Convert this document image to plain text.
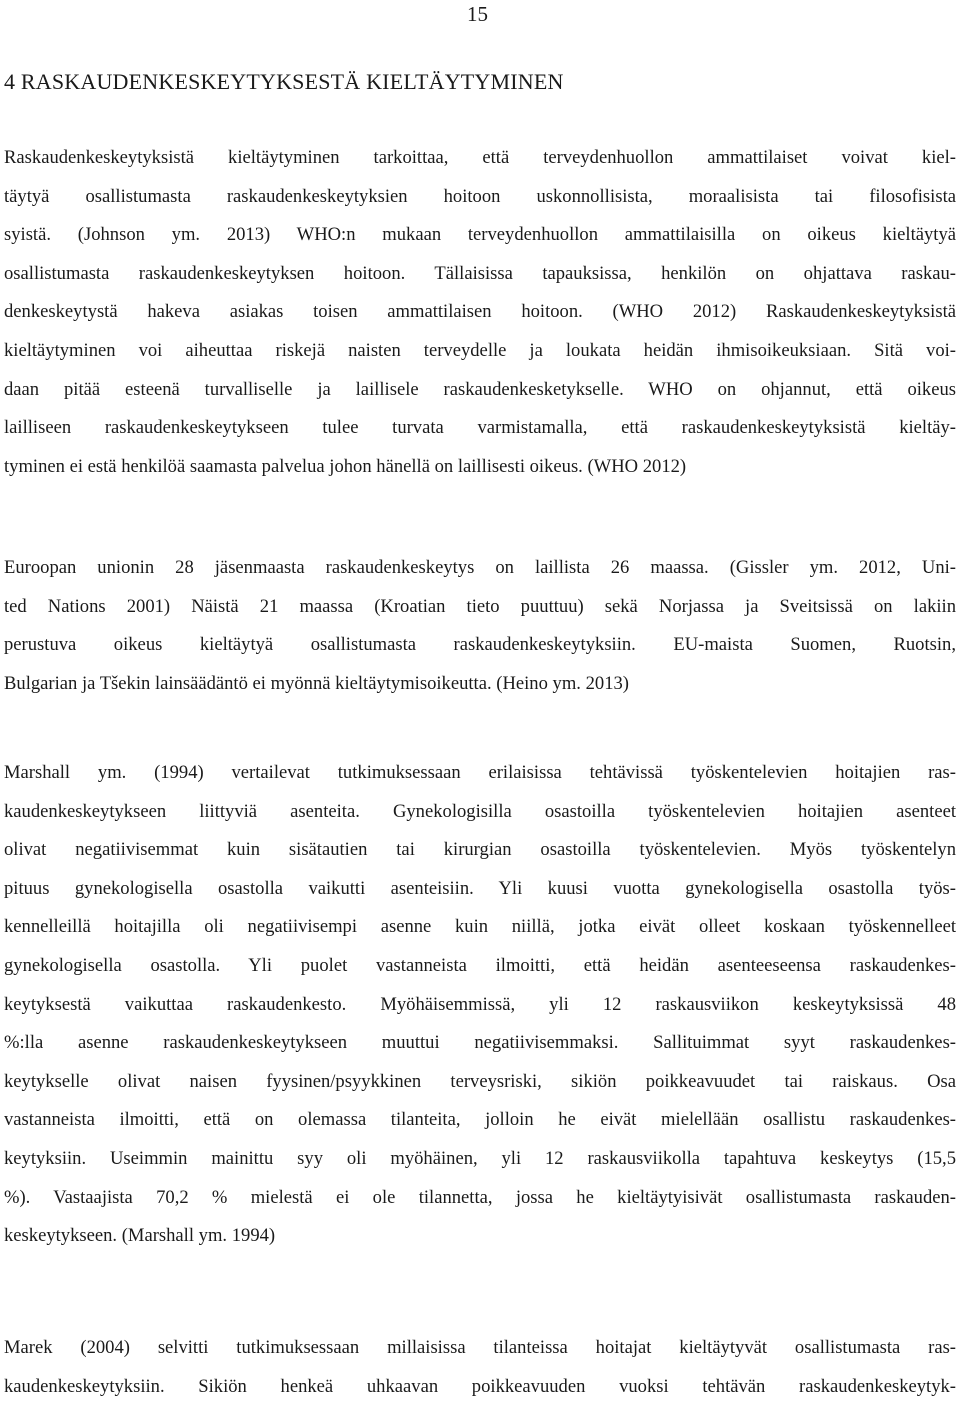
15
4 RASKAUDENKESKEYTYKSESTÄ KIELTÄYTYMINEN
Raskaudenkeskeytyksistä kieltäytyminen tarkoittaa, että terveydenhuollon ammattilaiset voivat kiel-
täytyä osallistumasta raskaudenkeskeytyksien hoitoon uskonnollisista, moraalisista tai filosofisista
syistä. (Johnson ym. 2013) WHO:n mukaan terveydenhuollon ammattilaisilla on oikeus kieltäytyä
osallistumasta raskaudenkeskeytyksen hoitoon. Tällaisissa tapauksissa, henkilön on ohjattava raskau-
denkeskeytystä hakeva asiakas toisen ammattilaisen hoitoon. (WHO 2012) Raskaudenkeskeytyksistä
kieltäytyminen voi aiheuttaa riskejä naisten terveydelle ja loukata heidän ihmisoikeuksiaan. Sitä voi-
daan pitää esteenä turvalliselle ja laillisele raskaudenkesketykselle. WHO on ohjannut, että oikeus
lailliseen raskaudenkeskeytykseen tulee turvata varmistamalla, että raskaudenkeskeytyksistä kieltäy-
tyminen ei estä henkilöä saamasta palvelua johon hänellä on laillisesti oikeus. (WHO 2012)
Euroopan unionin 28 jäsenmaasta raskaudenkeskeytys on laillista 26 maassa. (Gissler ym. 2012, Uni-
ted Nations 2001) Näistä 21 maassa (Kroatian tieto puuttuu) sekä Norjassa ja Sveitsissä on lakiin
perustuva oikeus kieltäytyä osallistumasta raskaudenkeskeytyksiin. EU-maista Suomen, Ruotsin,
Bulgarian ja Tšekin lainsäädäntö ei myönnä kieltäytymisoikeutta. (Heino ym. 2013)
Marshall ym. (1994) vertailevat tutkimuksessaan erilaisissa tehtävissä työskentelevien hoitajien ras-
kaudenkeskeytykseen liittyviä asenteita. Gynekologisilla osastoilla työskentelevien hoitajien asenteet
olivat negatiivisemmat kuin sisätautien tai kirurgian osastoilla työskentelevien. Myös työskentelyn
pituus gynekologisella osastolla vaikutti asenteisiin. Yli kuusi vuotta gynekologisella osastolla työs-
kennelleillä hoitajilla oli negatiivisempi asenne kuin niillä, jotka eivät olleet koskaan työskennelleet
gynekologisella osastolla. Yli puolet vastanneista ilmoitti, että heidän asenteeseensa raskaudenkes-
keytyksestä vaikuttaa raskaudenkesto. Myöhäisemmissä, yli 12 raskausviikon keskeytyksissä 48
%:lla asenne raskaudenkeskeytykseen muuttui negatiivisemmaksi. Sallituimmat syyt raskaudenkes-
keytykselle olivat naisen fyysinen/psyykkinen terveysriski, sikiön poikkeavuudet tai raiskaus. Osa
vastanneista ilmoitti, että on olemassa tilanteita, jolloin he eivät mielellään osallistu raskaudenkes-
keytyksiin. Useimmin mainittu syy oli myöhäinen, yli 12 raskausviikolla tapahtuva keskeytys (15,5
%). Vastaajista 70,2 % mielestä ei ole tilannetta, jossa he kieltäytyisivät osallistumasta raskauden-
keskeytykseen. (Marshall ym. 1994)
Marek (2004) selvitti tutkimuksessaan millaisissa tilanteissa hoitajat kieltäytyvät osallistumasta ras-
kaudenkeskeytyksiin. Sikiön henkeä uhkaavan poikkeavuuden vuoksi tehtävän raskaudenkeskeytyk-
